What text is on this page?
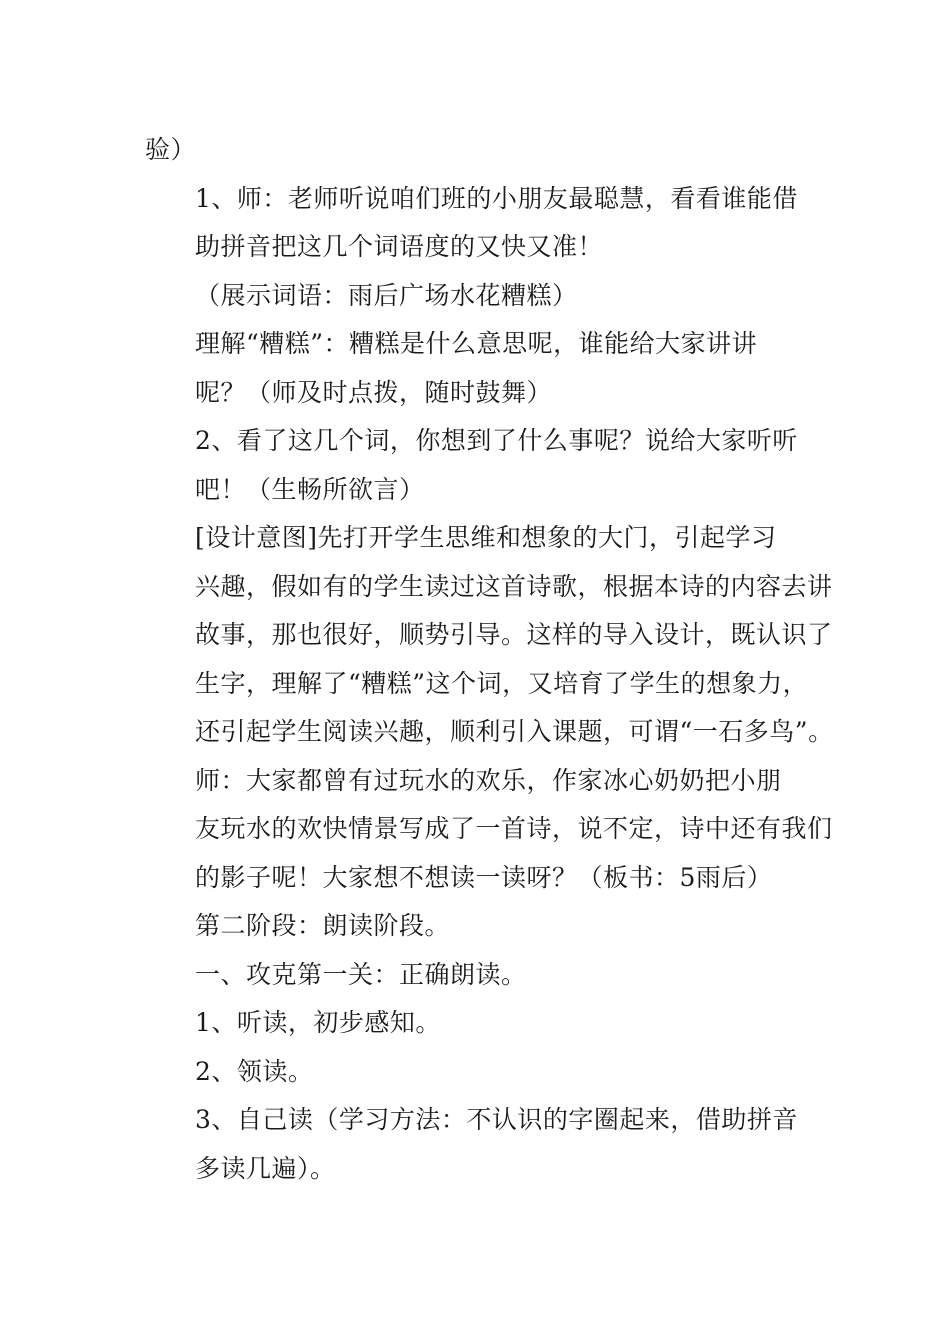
验）

1、师：老师听说咱们班的小朋友最聪慧，看看谁能借
助拼音把这几个词语度的又快又准！

（展示词语：雨后广场水花糟糕）

理解“糟糕”：糟糕是什么意思呢，谁能给大家讲讲
呢？（师及时点拨，随时鼓舞）

2、看了这几个词，你想到了什么事呢？说给大家听听
吧！（生畅所欲言）

[设计意图]先打开学生思维和想象的大门，引起学习
兴趣，假如有的学生读过这首诗歌，根据本诗的内容去讲
故事，那也很好，顺势引导。这样的导入设计，既认识了
生字，理解了“糟糕”这个词，又培育了学生的想象力，
还引起学生阅读兴趣，顺利引入课题，可谓“一石多鸟”。

师：大家都曾有过玩水的欢乐，作家冰心奶奶把小朋
友玩水的欢快情景写成了一首诗，说不定，诗中还有我们
的影子呢！大家想不想读一读呀？（板书：5雨后）

第二阶段：朗读阶段。

一、攻克第一关：正确朗读。

1、听读，初步感知。

2、领读。

3、自己读（学习方法：不认识的字圈起来，借助拼音
多读几遍）。
